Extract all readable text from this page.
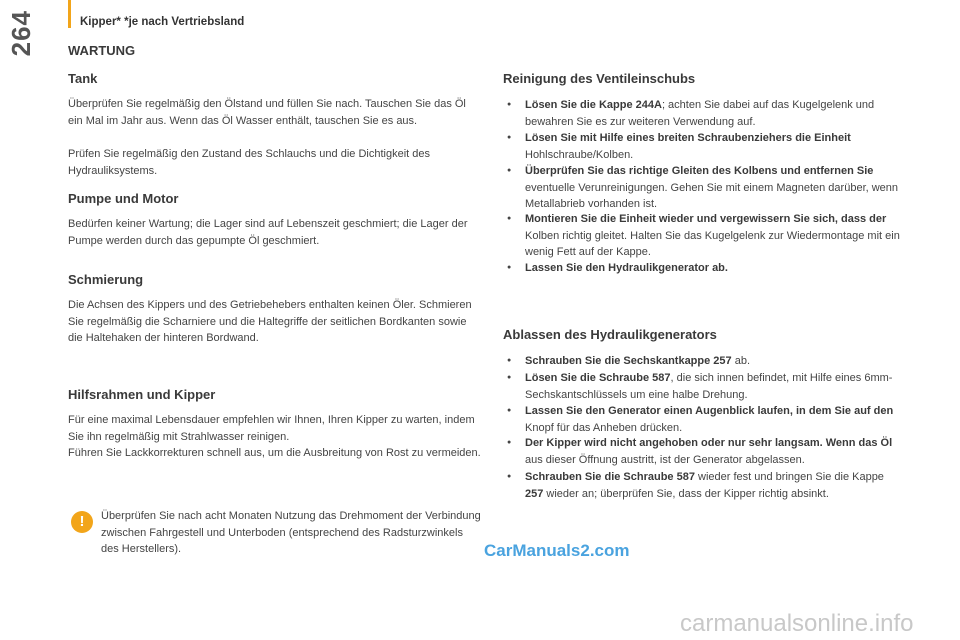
264	Kipper* *je nach Vertriebsland
WARTUNG
Tank
Überprüfen Sie regelmäßig den Ölstand und füllen Sie nach. Tauschen Sie das Öl ein Mal im Jahr aus. Wenn das Öl Wasser enthält, tauschen Sie es aus.
Prüfen Sie regelmäßig den Zustand des Schlauchs und die Dichtigkeit des Hydrauliksystems.
Pumpe und Motor
Bedürfen keiner Wartung; die Lager sind auf Lebenszeit geschmiert; die Lager der Pumpe werden durch das gepumpte Öl geschmiert.
Schmierung
Die Achsen des Kippers und des Getriebehebers enthalten keinen Öler. Schmieren Sie regelmäßig die Scharniere und die Haltegriffe der seitlichen Bordkanten sowie die Haltehaken der hinteren Bordwand.
Hilfsrahmen und Kipper
Für eine maximal Lebensdauer empfehlen wir Ihnen, Ihren Kipper zu warten, indem Sie ihn regelmäßig mit Strahlwasser reinigen.
Führen Sie Lackkorrekturen schnell aus, um die Ausbreitung von Rost zu vermeiden.
!	Überprüfen Sie nach acht Monaten Nutzung das Drehmoment der Verbindung zwischen Fahrgestell und Unterboden (entsprechend des Radsturzwinkels des Herstellers).
Reinigung des Ventileinschubs
● Lösen Sie die Kappe 244A; achten Sie dabei auf das Kugelgelenk und bewahren Sie es zur weiteren Verwendung auf.
● Lösen Sie mit Hilfe eines breiten Schraubenziehers die Einheit
Hohlschraube/Kolben.
● Überprüfen Sie das richtige Gleiten des Kolbens und entfernen Sie
eventuelle Verunreinigungen. Gehen Sie mit einem Magneten darüber, wenn Metallabrieb vorhanden ist.
● Montieren Sie die Einheit wieder und vergewissern Sie sich, dass der
Kolben richtig gleitet. Halten Sie das Kugelgelenk zur Wiedermontage mit ein wenig Fett auf der Kappe.
● Lassen Sie den Hydraulikgenerator ab.
Ablassen des Hydraulikgenerators
● Schrauben Sie die Sechskantkappe 257 ab.
● Lösen Sie die Schraube 587, die sich innen befindet, mit Hilfe eines 6mm-Sechskantschlüssels um eine halbe Drehung.
● Lassen Sie den Generator einen Augenblick laufen, in dem Sie auf den
Knopf für das Anheben drücken.
● Der Kipper wird nicht angehoben oder nur sehr langsam. Wenn das Öl
aus dieser Öffnung austritt, ist der Generator abgelassen.
● Schrauben Sie die Schraube 587 wieder fest und bringen Sie die Kappe
257 wieder an; überprüfen Sie, dass der Kipper richtig absinkt.
CarManuals2.com
carmanualsonline.info
